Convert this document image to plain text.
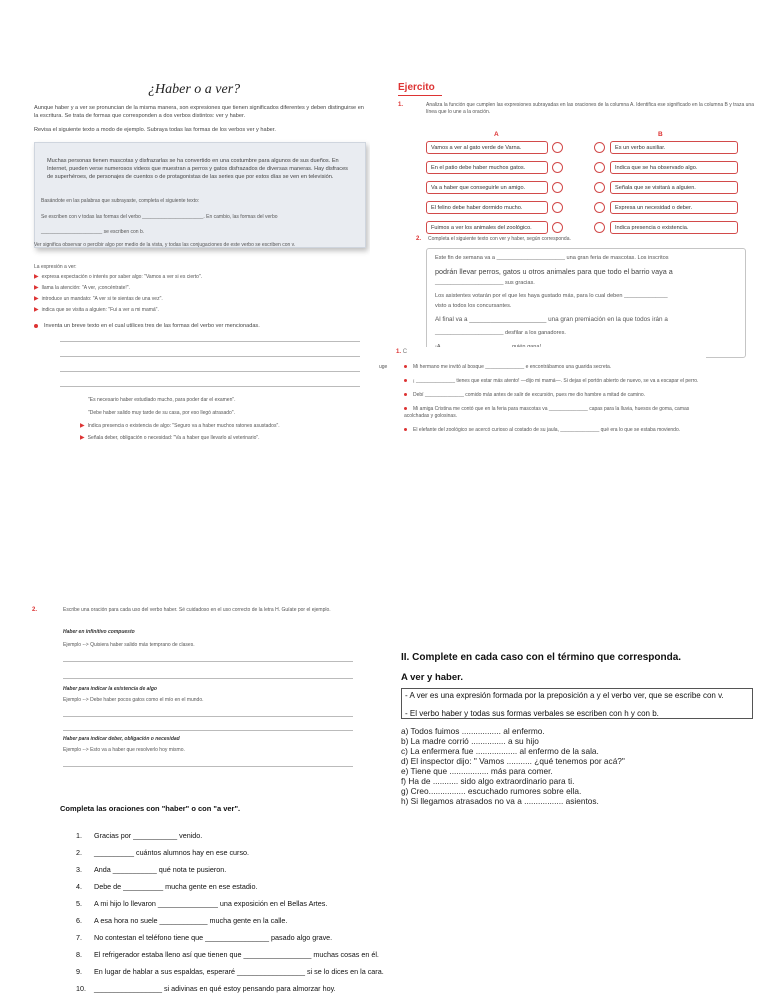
¿Haber o a ver?
Aunque haber y a ver se pronuncian de la misma manera, son expresiones que tienen significados diferentes y deben distinguirse en la escritura. Se trata de formas que corresponden a dos verbos distintos: ver y haber.
Revisa el siguiente texto a modo de ejemplo. Subraya todas las formas de los verbos ver y haber.
Muchas personas tienen mascotas y disfrazarlas se ha convertido en una costumbre para algunos de sus dueños. En Internet, pueden verse numerosos videos que muestran a perros y gatos disfrazados de diversas maneras. Hay disfraces de superhéroes, de personajes de cuentos o de protagonistas de las series que por estos días se ven en televisión.
Basándote en las palabras que subrayaste, completa el siguiente texto:
Se escriben con v todas las formas del verbo ______________________. En cambio, las formas del verbo
______________________ se escriben con b.
Ver significa observar o percibir algo por medio de la vista, y todas las conjugaciones de este verbo se escriben con v.
La expresión a ver:
▶ expresa expectación o interés por saber algo: "Vamos a ver si es cierto".
▶ llama la atención: "A ver, ¡concéntrate!".
▶ introduce un mandato: "A ver si te sientas de una vez".
▶ indica que se visita a alguien: "Fui a ver a mi mamá".
Inventa un breve texto en el cual utilices tres de las formas del verbo ver mencionadas.
"Es necesario haber estudiado mucho, para poder dar el examen".
"Debe haber salido muy tarde de su casa, por eso llegó atrasado".
▶ Indica presencia o existencia de algo: "Seguro va a haber muchos ratones asustados".
▶ Señala deber, obligación o necesidad: "Va a haber que llevarlo al veterinario".
uge
Ejercito
1.	Analiza la función que cumplen las expresiones subrayadas en las oraciones de la columna A. Identifica ese significado en la columna B y traza una línea que lo une a la oración.
A	B
Vamos a ver al gato verde de Varna.
En el patio debe haber muchos gatos.
Va a haber que conseguirle un amigo.
El felino debe haber dormido mucho.
Fuimos a ver los animales del zoológico.
Es un verbo auxiliar.
Indica que se ha observado algo.
Señala que se visitará a alguien.
Expresa un necesidad o deber.
Indica presencia o existencia.
2. Completa el siguiente texto con ver y haber, según corresponda.
Este fin de semana va a ______________________ una gran feria de mascotas. Los inscritos
podrán llevar perros, gatos u otros animales para que todo el barrio vaya a
______________________ sus gracias.
Los asistentes votarán por el que les haya gustado más, para lo cual deben ______________
visto a todos los concursantes.
Al final va a ______________________ una gran premiación en la que todos irán a
______________________ desfilar a los ganadores.
1. C
Mi hermano me invitó al bosque ______________ e encontrábamos una guarida secreta.
¡ ______________ tienes que estar más atento! —dijo mi mamá—. Si dejas el portón abierto de nuevo, se va a escapar el perro.
Debí ______________ comido más antes de salir de excursión, pues me dio hambre a mitad de camino.
Mi amiga Cristina me contó que en la feria para mascotas va ______________ capas para la lluvia, huesos de goma, camas acolchadas y golosinas.
El elefante del zoológico se acercó curioso al costado de su jaula, ______________ qué era lo que se estaba moviendo.
2.	Escribe una oración para cada uso del verbo haber. Sé cuidadoso en el uso correcto de la letra H. Guíate por el ejemplo.
Haber en infinitivo compuesto
Ejemplo --> Quisiera haber salido más temprano de clases.
Haber para indicar la existencia de algo
Ejemplo --> Debe haber pocos gatos como el mío en el mundo.
Haber para indicar deber, obligación o necesidad
Ejemplo --> Esto va a haber que resolverlo hoy mismo.
II. Complete en cada caso con el término que corresponda.
A ver y haber.
- A ver es una expresión formada por la preposición a y el verbo ver, que se escribe con v.
- El verbo haber y todas sus formas verbales se escriben con h y con b.
a) Todos fuimos ................. al enfermo.
b) La madre corrió ............... a su hijo
c) La enfermera fue .................. al enfermo de la sala.
d) El inspector dijo: " Vamos ........... ¿qué tenemos por acá?"
e) Tiene que ................. más para comer.
f) Ha de ........... sido algo extraordinario para ti.
g) Creo................ escuchado rumores sobre ella.
h) Si llegamos atrasados no va a ................. asientos.
Completa las oraciones con "haber" o con "a ver".
1. Gracias por ___________ venido.
2. __________ cuántos alumnos hay en ese curso.
3. Anda ___________ qué nota te pusieron.
4. Debe de __________ mucha gente en ese estadio.
5. A mi hijo lo llevaron _______________ una exposición en el Bellas Artes.
6. A esa hora no suele ____________ mucha gente en la calle.
7. No contestan el teléfono tiene que ________________ pasado algo grave.
8. El refrigerador estaba lleno así que tienen que _________________ muchas cosas en él.
9. En lugar de hablar a sus espaldas, esperaré _________________ si se lo dices en la cara.
10. _________________ si adivinas en qué estoy pensando para almorzar hoy.
